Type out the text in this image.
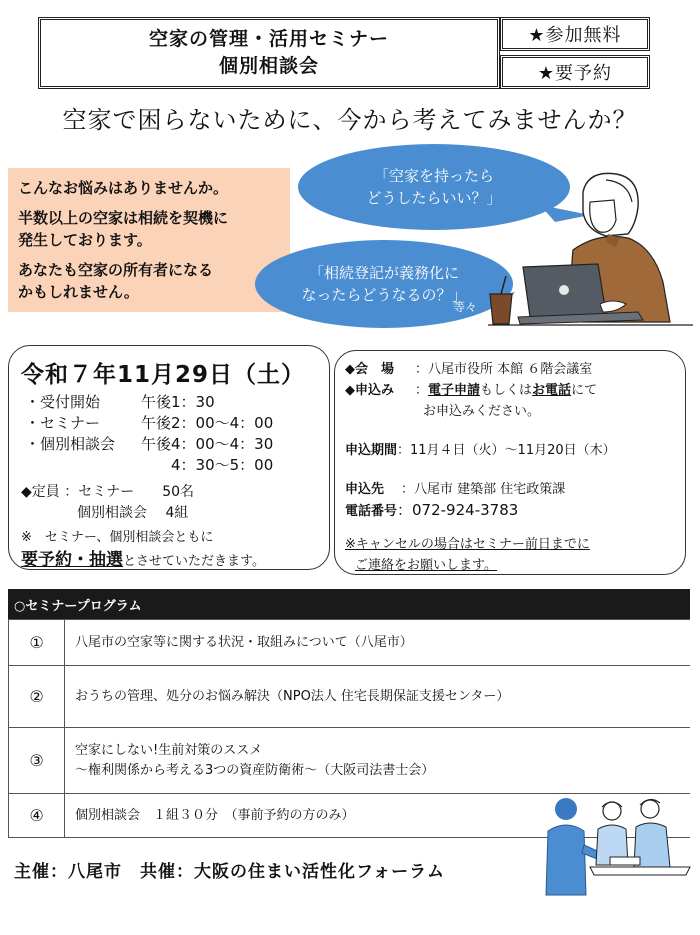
空家の管理・活用セミナー
個別相談会
★参加無料
★要予約
空家で困らないために、今から考えてみませんか？

こんなお悩みはありませんか。

半数以上の空家は相続を契機に
発生しております。

あなたも空家の所有者になる
かもしれません。

「空家を持ったら
どうしたらいい？」
「相続登記が義務化に
なったらどうなるの？」
等々
令和７年11月29日（土）
・受付開始	午後1：30
・セミナー	午後2：00～4：00
・個別相談会	午後4：00～4：30
　　4：30～5：00
◆定員 ：セミナー　　50名
　　　　個別相談会　 4組
※　セミナー、個別相談会ともに
要予約・抽選とさせていただきます。
◆会　場 ：八尾市役所 本館 ６階会議室
◆申込み ：電子申請もしくはお電話にて
お申込みください。
申込期間：11月４日（火）～11月20日（木）
申込先 ：八尾市 建築部 住宅政策課
電話番号：072-924-3783
※キャンセルの場合はセミナー前日までに
ご連絡をお願いします。
○セミナープログラム
①	八尾市の空家等に関する状況・取組みについて（八尾市）
②	おうちの管理、処分のお悩み解決（NPO法人 住宅長期保証支援センター）
③	空家にしない!生前対策のススメ
～権利関係から考える3つの資産防衛術～（大阪司法書士会）
④	個別相談会　１組３０分　（事前予約の方のみ）
主催：八尾市　共催：大阪の住まい活性化フォーラム
